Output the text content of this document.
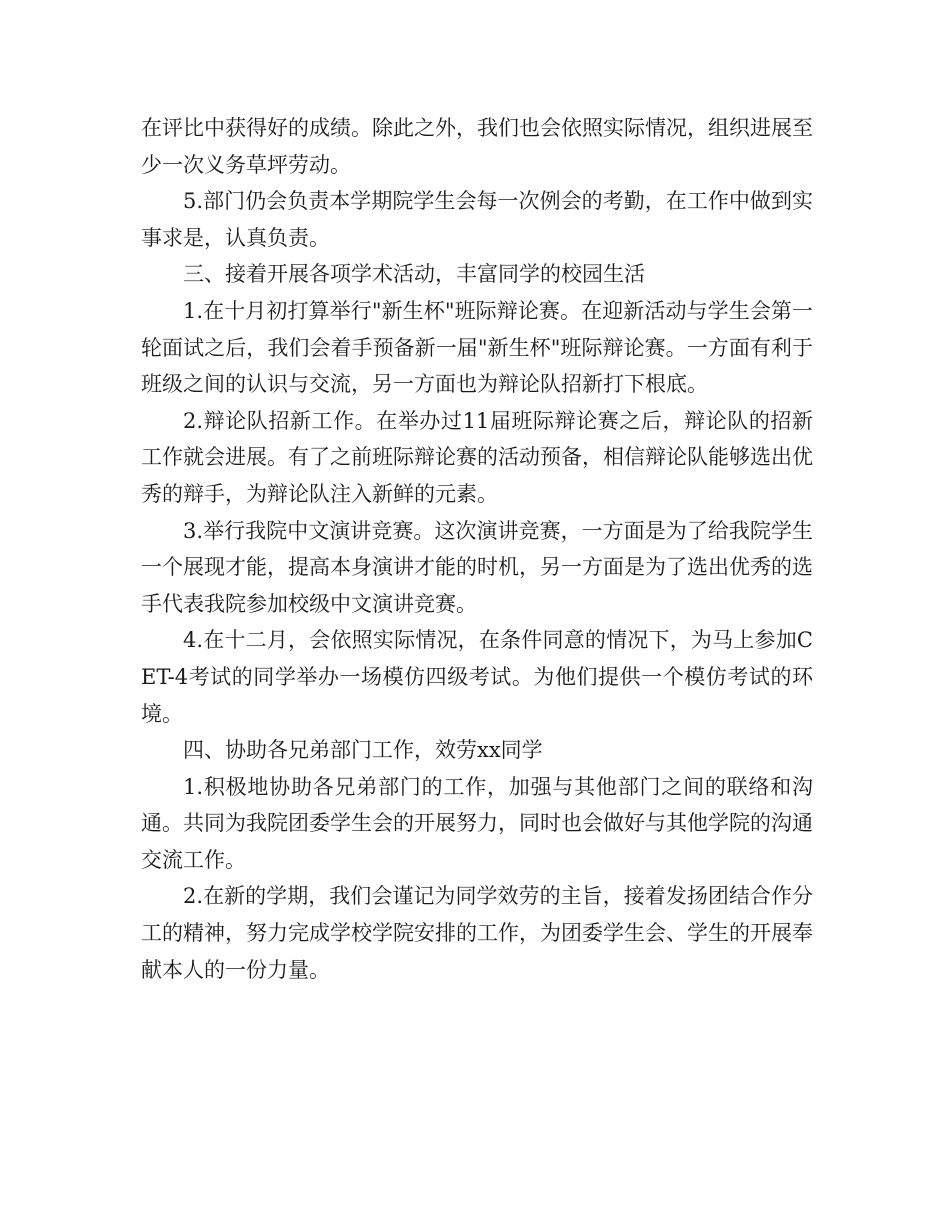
在评比中获得好的成绩。除此之外，我们也会依照实际情况，组织进展至少一次义务草坪劳动。

5.部门仍会负责本学期院学生会每一次例会的考勤，在工作中做到实事求是，认真负责。

三、接着开展各项学术活动，丰富同学的校园生活

1.在十月初打算举行"新生杯"班际辩论赛。在迎新活动与学生会第一轮面试之后，我们会着手预备新一届"新生杯"班际辩论赛。一方面有利于班级之间的认识与交流，另一方面也为辩论队招新打下根底。

2.辩论队招新工作。在举办过11届班际辩论赛之后，辩论队的招新工作就会进展。有了之前班际辩论赛的活动预备，相信辩论队能够选出优秀的辩手，为辩论队注入新鲜的元素。

3.举行我院中文演讲竞赛。这次演讲竞赛，一方面是为了给我院学生一个展现才能，提高本身演讲才能的时机，另一方面是为了选出优秀的选手代表我院参加校级中文演讲竞赛。

4.在十二月，会依照实际情况，在条件同意的情况下，为马上参加CET-4考试的同学举办一场模仿四级考试。为他们提供一个模仿考试的环境。

四、协助各兄弟部门工作，效劳xx同学

1.积极地协助各兄弟部门的工作，加强与其他部门之间的联络和沟通。共同为我院团委学生会的开展努力，同时也会做好与其他学院的沟通交流工作。

2.在新的学期，我们会谨记为同学效劳的主旨，接着发扬团结合作分工的精神，努力完成学校学院安排的工作，为团委学生会、学生的开展奉献本人的一份力量。
